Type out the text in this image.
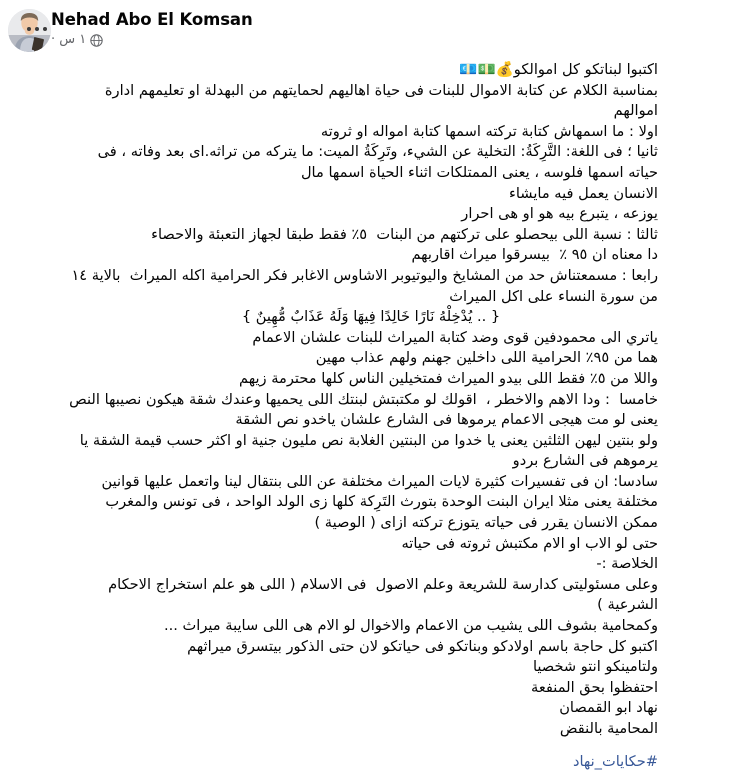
Nehad Abo El Komsan
١ س ·
اكتبوا لبناتكو كل اموالكو💰💵💶
بمناسبة الكلام عن كتابة الاموال للبنات فى حياة اهاليهم لحمايتهم من البهدلة او تعليمهم ادارة اموالهم
اولا : ما اسمهاش كتابة تركته اسمها كتابة امواله او ثروته
ثانيا ؛ فى اللغة: التَّرِكَةُ: التخلية عن الشيء، وتَرِكَةُ الميت: ما يتركه من تراثه.اى بعد وفاته ، فى حياته اسمها فلوسه ، يعنى الممتلكات اثناء الحياة اسمها مال
الانسان يعمل فيه مايشاء
يوزعه ، يتبرع بيه هو او هى احرار
ثالثا : نسبة اللى بيحصلو على تركتهم من البنات  ٥٪ فقط طبقا لجهاز التعبئة والاحصاء
دا معناه ان ٩٥ ٪  بيسرقوا ميراث اقاربهم
رابعا : مسمعتناش حد من المشايخ واليوتيوبر الاشاوس الاغابر فكر الحرامية اكله الميراث  بالاية ١٤ من سورة النساء على اكل الميراث
{ .. يُدْخِلْهُ نَارًا خَالِدًا فِيهَا وَلَهُ عَذَابٌ مُّهِينٌ }
ياتري الى محمودفين قوى وضد كتابة الميراث للبنات علشان الاعمام
هما من ٩٥٪ الحرامية اللى داخلين جهنم ولهم عذاب مهين
واللا من ٥٪ فقط اللى بيدو الميراث فمتخيلين الناس كلها محترمة زيهم
خامسا  : ودا الاهم والاخطر ،  اقولك لو مكتبتش لبنتك اللى يحميها وعندك شقة هيكون نصيبها النص
يعنى لو مت هيجى الاعمام يرموها فى الشارع علشان ياخدو نص الشقة
ولو بنتين ليهن الثلثين يعنى يا خدوا من البنتين الغلابة نص مليون جنية او اكثر حسب قيمة الشقة يا يرموهم فى الشارع بردو
سادسا: ان فى تفسيرات كثيرة لايات الميراث مختلفة عن اللى بنتقال لينا واتعمل عليها قوانين مختلفة يعنى مثلا ايران البنت الوحدة بتورث التَرِكة كلها زى الولد الواحد ، فى تونس والمغرب ممكن الانسان يقرر فى حياته يتوزع تركته ازاى ( الوصية )
حتى لو الاب او الام مكتبش ثروته فى حياته
الخلاصة :-
وعلى مسئوليتى كدارسة للشريعة وعلم الاصول  فى الاسلام ( اللى هو علم استخراج الاحكام الشرعية )
وكمحامية بشوف اللى يشيب من الاعمام والاخوال لو الام هى اللى سايبة ميراث ...
اكتبو كل حاجة باسم اولادكو وبناتكو فى حياتكو لان حتى الذكور بيتسرق ميراثهم
ولتامينكو انتو شخصيا
احتفظوا بحق المنفعة
نهاد ابو القمصان
المحامية بالنقض
#حكايات_نهاد
